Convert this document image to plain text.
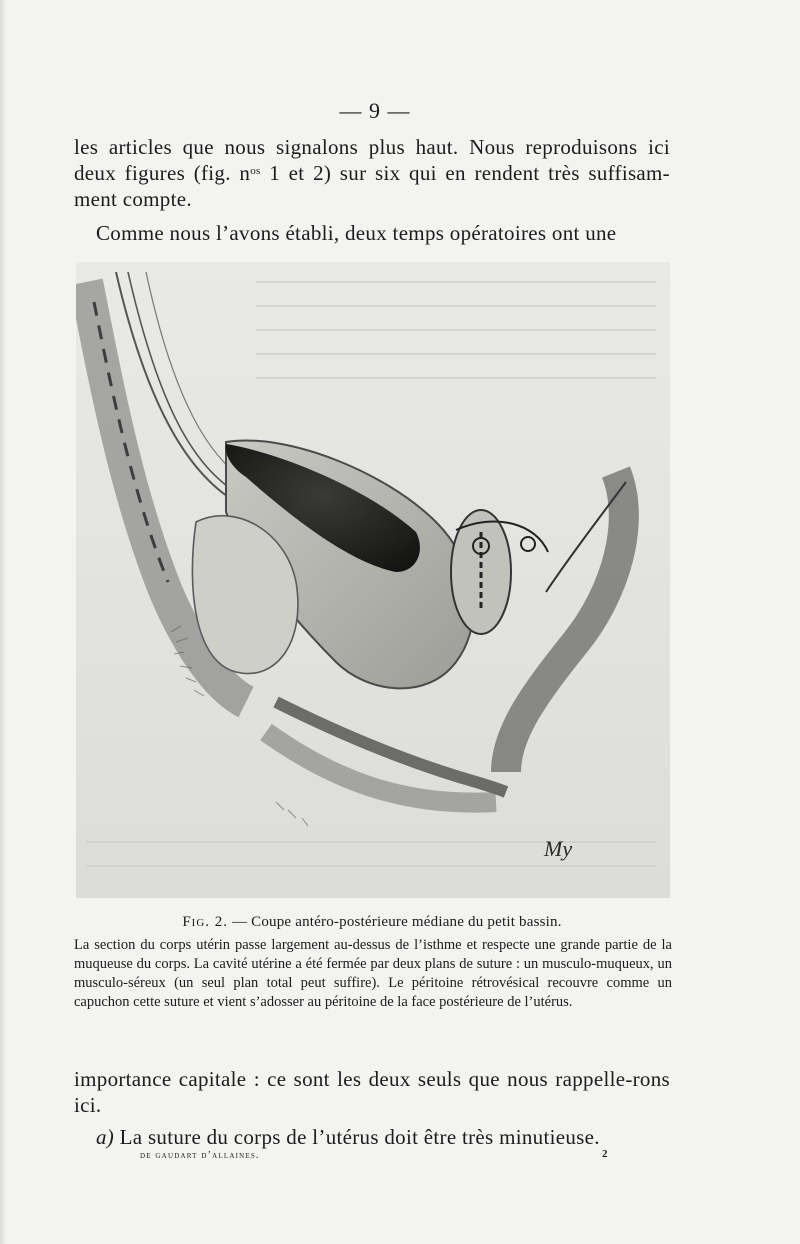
— 9 —

les articles que nous signalons plus haut. Nous reproduisons ici deux figures (fig. $n^{os}$ 1 et 2) sur six qui en rendent très suffisam- ment compte.

Comme nous l’avons établi, deux temps opératoires ont une

My
Fig. 2. — Coupe antéro-postérieure médiane du petit bassin.
La section du corps utérin passe largement au-dessus de l’isthme et respecte une grande partie de la muqueuse du corps. La cavité utérine a été fermée par deux plans de suture : un musculo-muqueux, un musculo-séreux (un seul plan total peut suffire). Le péritoine rétrovésical recouvre comme un capuchon cette suture et vient s’adosser au péritoine de la face postérieure de l’utérus.

importance capitale : ce sont les deux seuls que nous rappelle-rons ici.

a) La suture du corps de l’utérus doit être très minutieuse.

de gaudart d’allaines.	2
